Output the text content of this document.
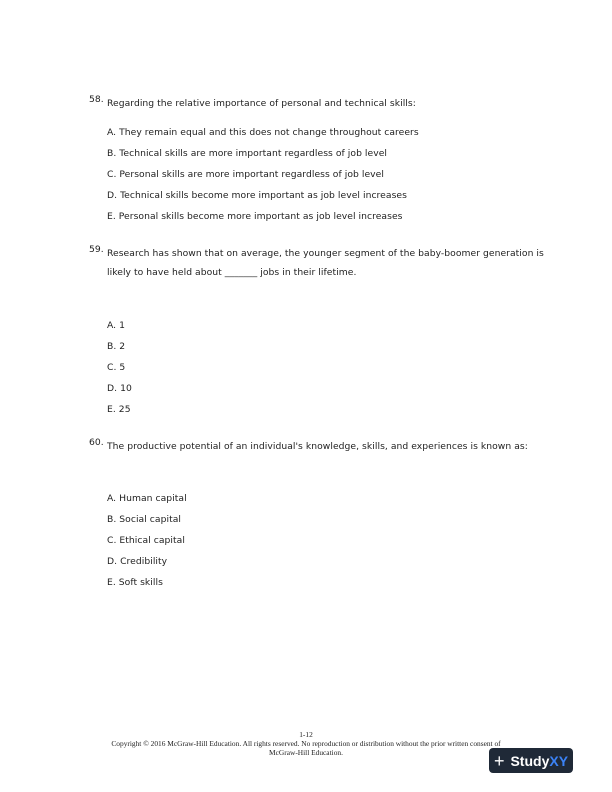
58. Regarding the relative importance of personal and technical skills:
A. They remain equal and this does not change throughout careers
B. Technical skills are more important regardless of job level
C. Personal skills are more important regardless of job level
D. Technical skills become more important as job level increases
E. Personal skills become more important as job level increases
59. Research has shown that on average, the younger segment of the baby-boomer generation is
likely to have held about _______ jobs in their lifetime.
A. 1
B. 2
C. 5
D. 10
E. 25
60. The productive potential of an individual's knowledge, skills, and experiences is known as:
A. Human capital
B. Social capital
C. Ethical capital
D. Credibility
E. Soft skills
1-12
Copyright © 2016 McGraw-Hill Education. All rights reserved. No reproduction or distribution without the prior written consent of
McGraw-Hill Education.	+ Study XY
